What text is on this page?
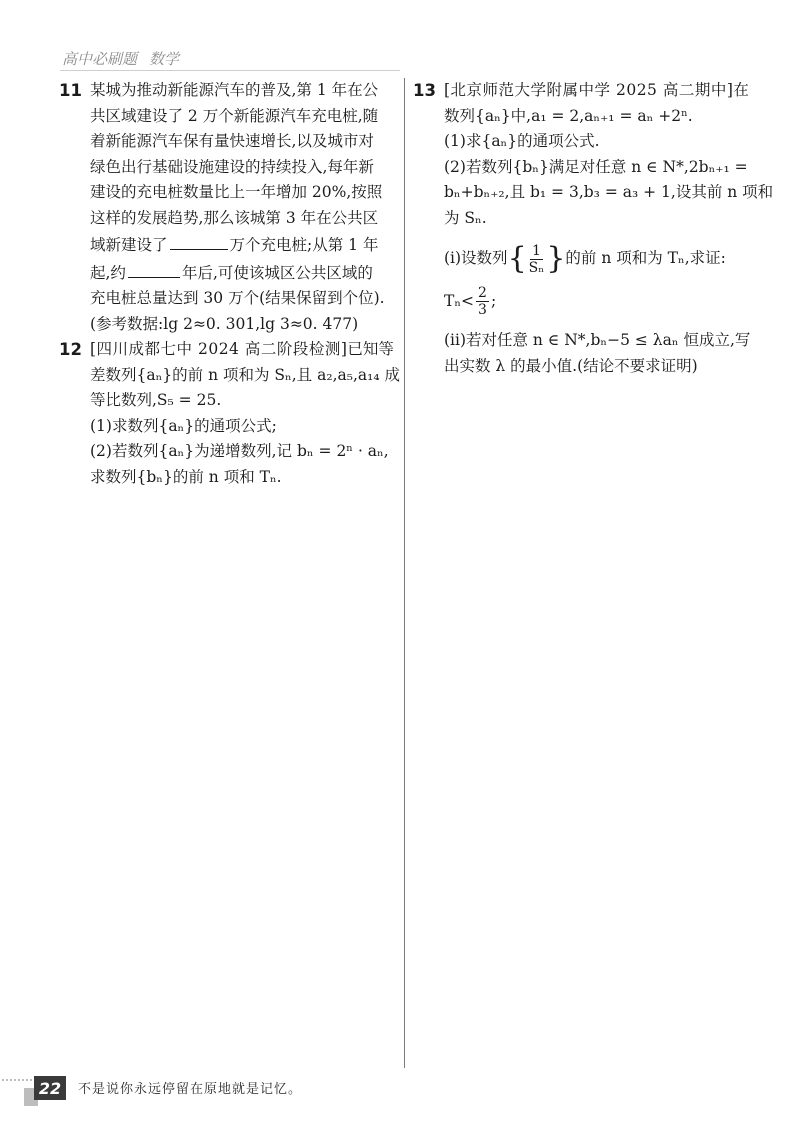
高中必刷题 数学
11 某城为推动新能源汽车的普及,第 1 年在公
共区域建设了 2 万个新能源汽车充电桩,随
着新能源汽车保有量快速增长,以及城市对
绿色出行基础设施建设的持续投入,每年新
建设的充电桩数量比上一年增加 20%,按照
这样的发展趋势,那么该城第 3 年在公共区
域新建设了	万个充电桩;从第 1 年
起,约	年后,可使该城区公共区域的
充电桩总量达到 30 万个(结果保留到个位).
(参考数据:lg 2≈0. 301,lg 3≈0. 477)
12 [四川成都七中 2024 高二阶段检测]已知等
差数列{aₙ}的前 n 项和为 Sₙ,且 a₂,a₅,a₁₄ 成
等比数列,S₅ = 25.
(1)求数列{aₙ}的通项公式;
(2)若数列{aₙ}为递增数列,记 bₙ = 2ⁿ · aₙ,
求数列{bₙ}的前 n 项和 Tₙ.
13 [北京师范大学附属中学 2025 高二期中]在
数列{aₙ}中,a₁ = 2,aₙ₊₁ = aₙ +2ⁿ.
(1)求{aₙ}的通项公式.
(2)若数列{bₙ}满足对任意 n ∈ N*,2bₙ₊₁ =
bₙ+bₙ₊₂,且 b₁ = 3,b₃ = a₃ + 1,设其前 n 项和
为 Sₙ.
(ⅰ)设数列{ $\frac{1}{\text{Sₙ}}$ }的前 n 项和为 Tₙ,求证:
$T_n< \frac{2}{3}$ ;
(ⅱ)若对任意 n ∈ N*,bₙ−5 ≤ λaₙ 恒成立,写
出实数 λ 的最小值.(结论不要求证明)
22	不是说你永远停留在原地就是记忆。
